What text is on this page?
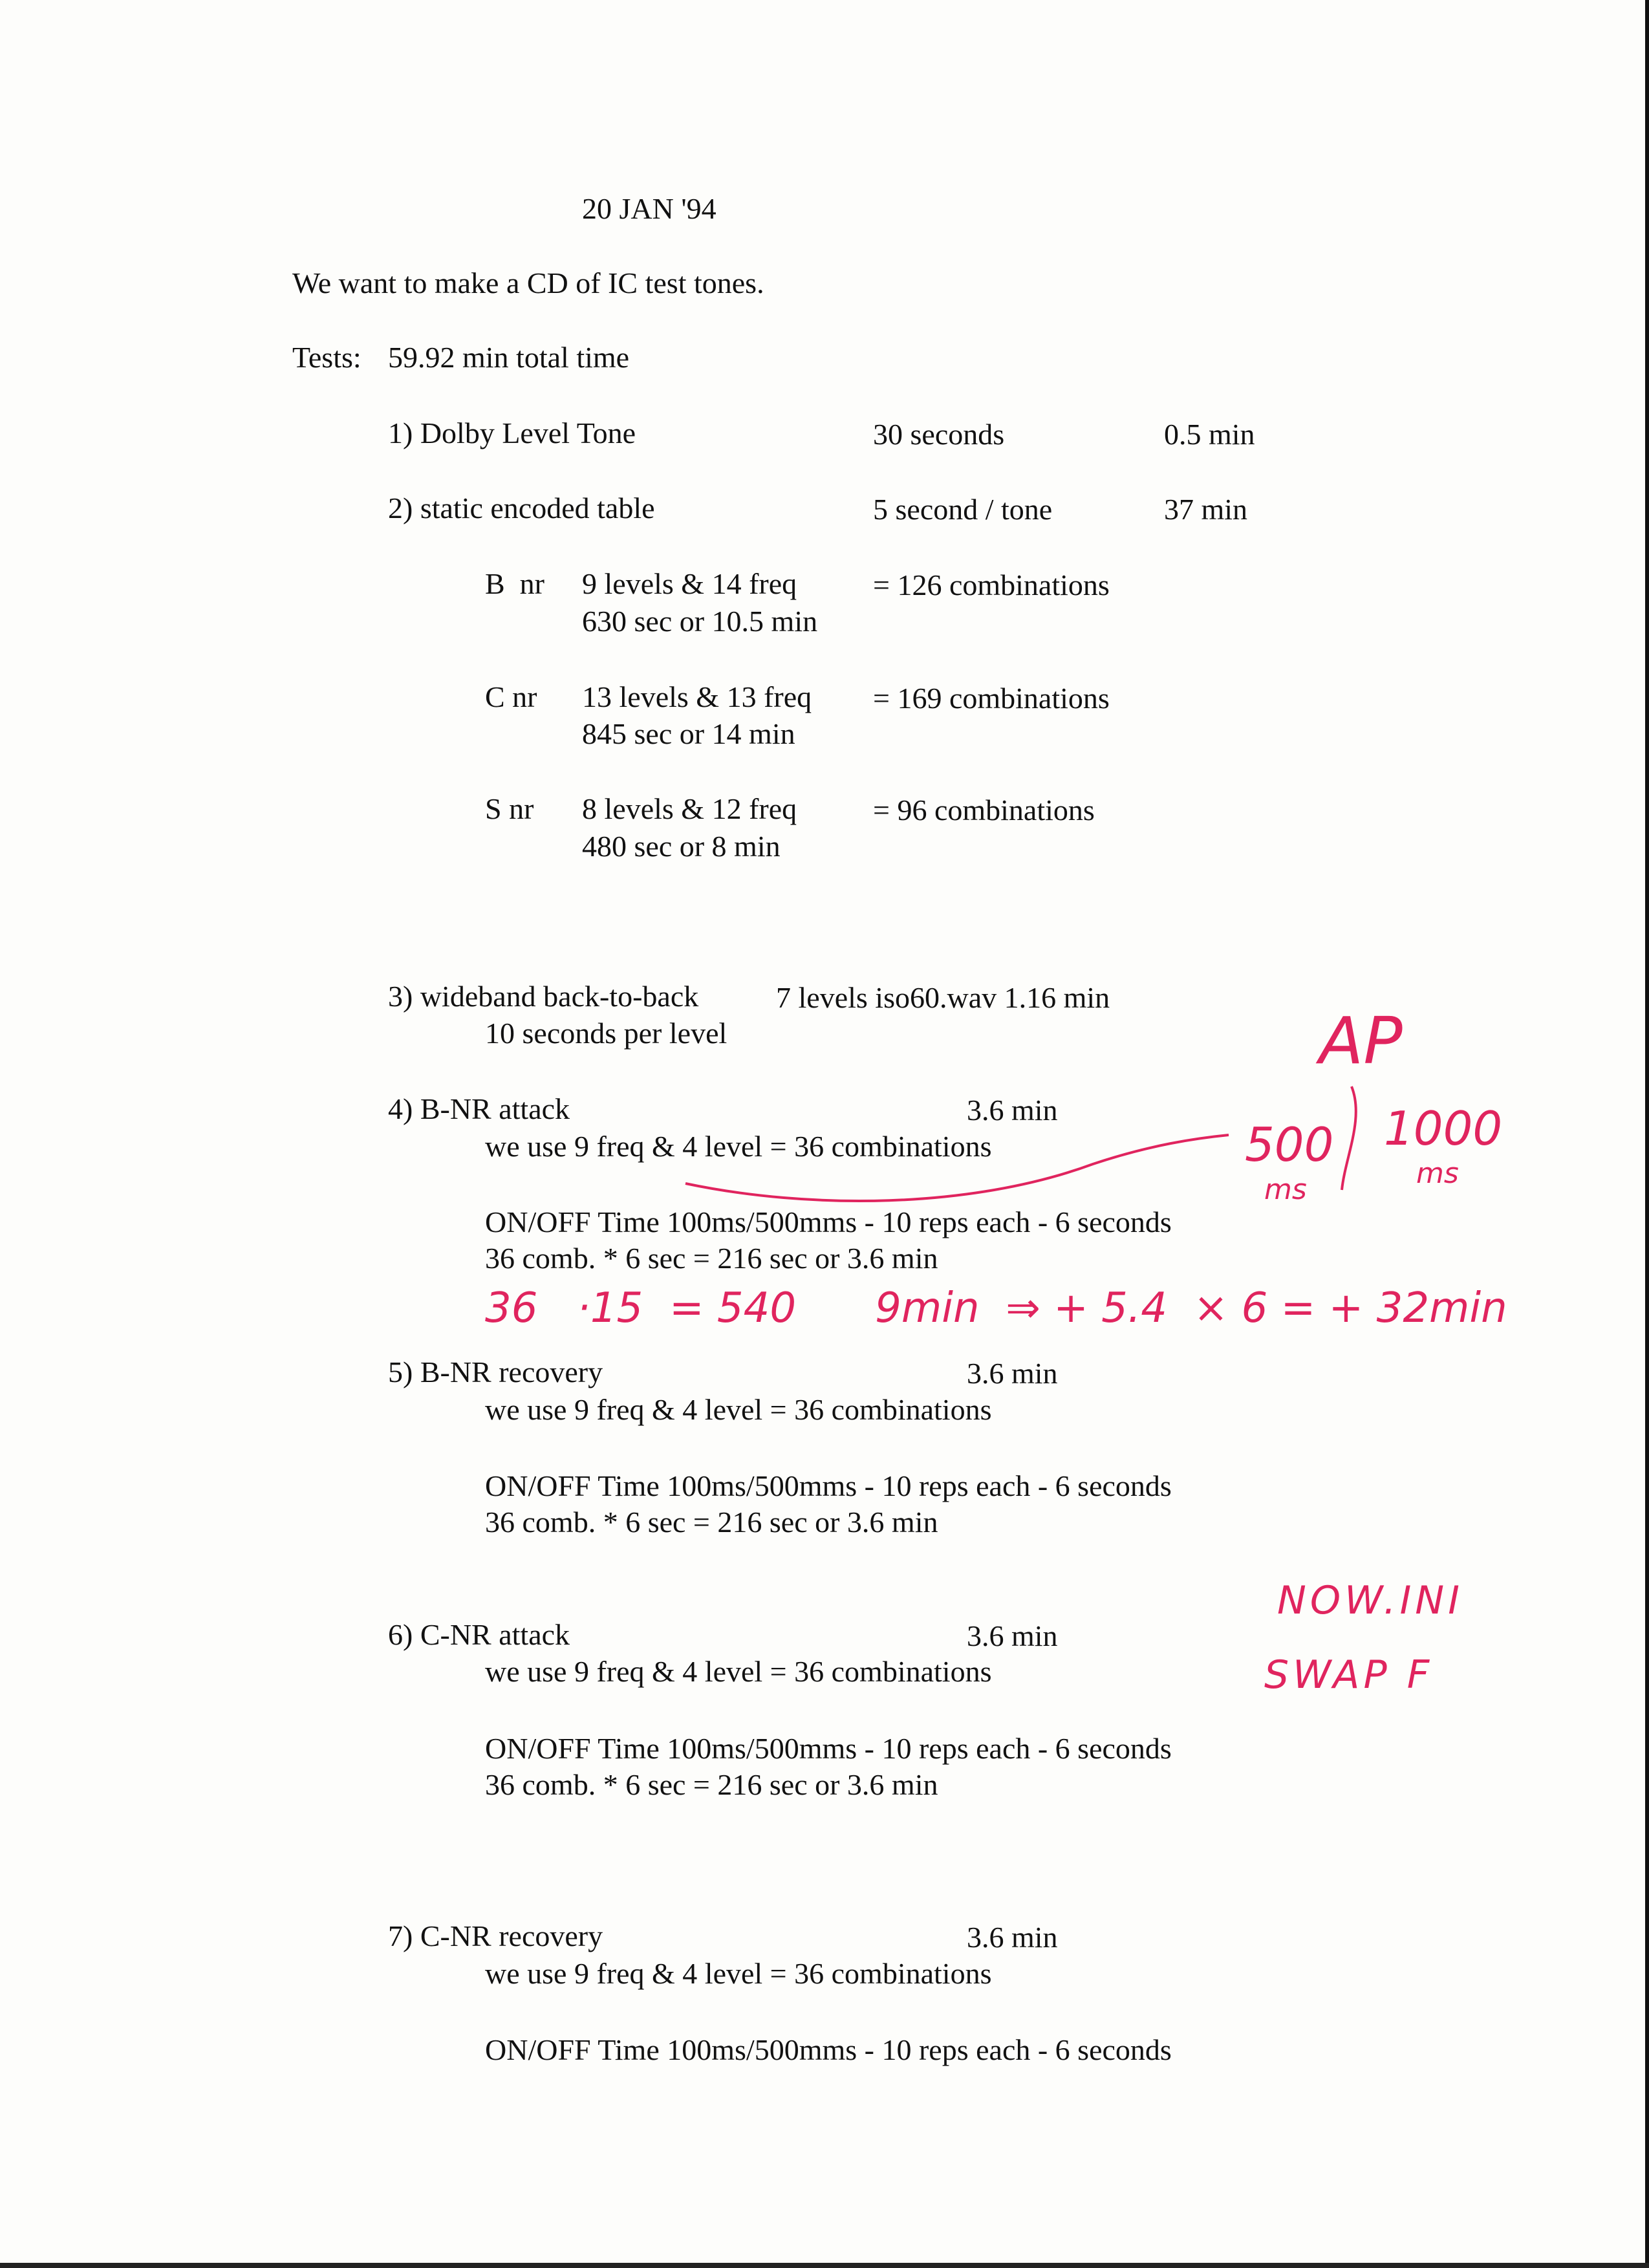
20 JAN '94
We want to make a CD of IC test tones.
Tests: 59.92 min total time
1) Dolby Level Tone	30 seconds	0.5 min
2) static encoded table	5 second / tone	37 min
B  nr 9 levels & 14 freq
630 sec or 10.5 min
= 126 combinations
C nr 13 levels & 13 freq
845 sec or 14 min
= 169 combinations
S nr 8 levels & 12 freq
480 sec or 8 min
= 96 combinations
3) wideband back-to-back	7 levels iso60.wav 1.16 min
10 seconds per level
4) B-NR attack	3.6 min
we use 9 freq & 4 level = 36 combinations
ON/OFF Time 100ms/500mms - 10 reps each - 6 seconds
36 comb. * 6 sec = 216 sec or 3.6 min
5) B-NR recovery	3.6 min
we use 9 freq & 4 level = 36 combinations
ON/OFF Time 100ms/500mms - 10 reps each - 6 seconds
36 comb. * 6 sec = 216 sec or 3.6 min
6) C-NR attack	3.6 min
we use 9 freq & 4 level = 36 combinations
ON/OFF Time 100ms/500mms - 10 reps each - 6 seconds
36 comb. * 6 sec = 216 sec or 3.6 min
7) C-NR recovery	3.6 min
we use 9 freq & 4 level = 36 combinations
ON/OFF Time 100ms/500mms - 10 reps each - 6 seconds
AP
500
ms
1000
ms
36   ·15  = 540      9min  ⇒ + 5.4  × 6 = + 32min
NOW.INI
SWAP F
